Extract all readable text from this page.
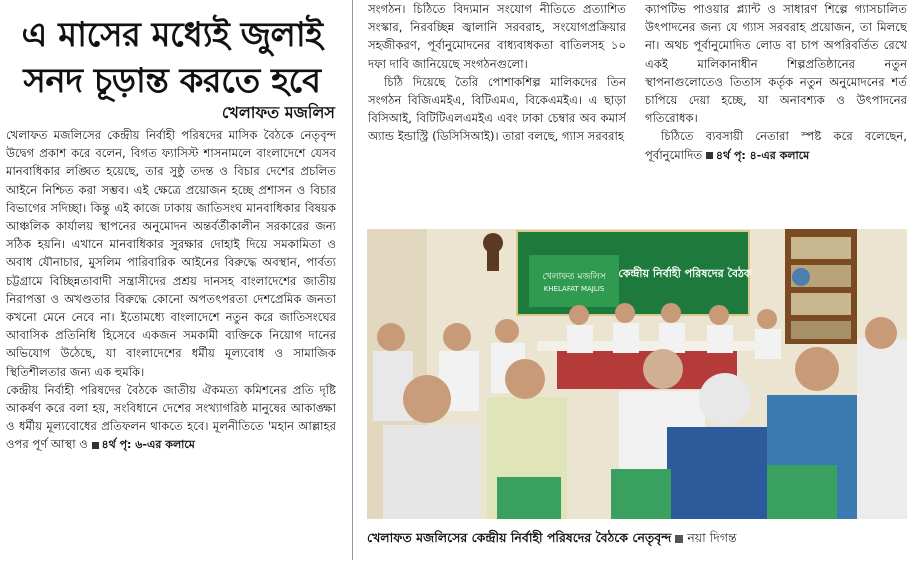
এ মাসের মধ্যেই জুলাই
সনদ চূড়ান্ত করতে হবে
খেলাফত মজলিস

খেলাফত মজলিসের কেন্দ্রীয় নির্বাহী পরিষদের মাসিক বৈঠকে নেতৃবৃন্দ উদ্বেগ প্রকাশ করে বলেন, বিগত ফ্যাসিস্ট শাসনামলে বাংলাদেশে যেসব মানবাধিকার লঙ্ঘিত হয়েছে, তার সুষ্ঠু তদন্ত ও বিচার দেশের প্রচলিত আইনে নিশ্চিত করা সম্ভব। এই ক্ষেত্রে প্রয়োজন হচ্ছে প্রশাসন ও বিচার বিভাগের সদিচ্ছা। কিন্তু এই কাজে ঢাকায় জাতিসংঘ মানবাধিকার বিষয়ক আঞ্চলিক কার্যালয় স্থাপনের অনুমোদন অন্তর্বর্তীকালীন সরকারের জন্য সঠিক হয়নি। এখানে মানবাধিকার সুরক্ষার দোহাই দিয়ে সমকামিতা ও অবাধ যৌনাচার, মুসলিম পারিবারিক আইনের বিরুদ্ধে অবস্থান, পার্বত্য চট্টগ্রামে বিচ্ছিন্নতাবাদী সন্ত্রাসীদের প্রশ্রয় দানসহ বাংলাদেশের জাতীয় নিরাপত্তা ও অখণ্ডতার বিরুদ্ধে কোনো অপতৎপরতা দেশপ্রেমিক জনতা কখনো মেনে নেবে না। ইতোমধ্যে বাংলাদেশে নতুন করে জাতিসংঘের আবাসিক প্রতিনিধি হিসেবে একজন সমকামী ব্যক্তিকে নিয়োগ দানের অভিযোগ উঠেছে, যা বাংলাদেশের ধর্মীয় মূল্যবোধ ও সামাজিক স্থিতিশীলতার জন্য এক হুমকি।

কেন্দ্রীয় নির্বাহী পরিষদের বৈঠকে জাতীয় ঐকমত্য কমিশনের প্রতি দৃষ্টি আকর্ষণ করে বলা হয়, সংবিধানে দেশের সংখ্যাগরিষ্ঠ মানুষের আকাঙ্ক্ষা ও ধর্মীয় মূল্যবোধের প্রতিফলন থাকতে হবে। মূলনীতিতে 'মহান আল্লাহর ওপর পূর্ণ আস্থা ও ৪র্থ পৃ: ৬-এর কলামে

সংগঠন। চিঠিতে বিদ্যমান সংযোগ নীতিতে প্রত্যাশিত সংস্কার, নিরবচ্ছিন্ন জ্বালানি সরবরাহ, সংযোগপ্রক্রিয়ার সহজীকরণ, পূর্বানুমোদনের বাধ্যবাধকতা বাতিলসহ ১০ দফা দাবি জানিয়েছে সংগঠনগুলো।

চিঠি দিয়েছে তৈরি পোশাকশিল্প মালিকদের তিন সংগঠন বিজিএমইএ, বিটিএমএ, বিকেএমইএ। এ ছাড়া বিসিআই, বিটিটিএলএমইএ এবং ঢাকা চেম্বার অব কমার্স অ্যান্ড ইন্ডাস্ট্রি (ডিসিসিআই)। তারা বলছে, গ্যাস সরবরাহ

ক্যাপটিভ পাওয়ার প্ল্যান্ট ও সাধারণ শিল্পে গ্যাসচালিত উৎপাদনের জন্য যে গ্যাস সরবরাহ প্রয়োজন, তা মিলছে না। অথচ পূর্বানুমোদিত লোড বা চাপ অপরিবর্তিত রেখে একই মালিকানাধীন শিল্পপ্রতিষ্ঠানের নতুন স্থাপনাগুলোতেও তিতাস কর্তৃক নতুন অনুমোদনের শর্ত চাপিয়ে দেয়া হচ্ছে, যা অনাবশ্যক ও উৎপাদনের গতিরোধক।

চিঠিতে ব্যবসায়ী নেতারা স্পষ্ট করে বলেছেন, পূর্বানুমোদিত ৪র্থ পৃ: ৪-এর কলামে

খেলাফত মজলিস
KHELAFAT MAJLIS
কেন্দ্রীয় নির্বাহী পরিষদের বৈঠক
খেলাফত মজলিসের কেন্দ্রীয় নির্বাহী পরিষদের বৈঠকে নেতৃবৃন্দ নয়া দিগন্ত
